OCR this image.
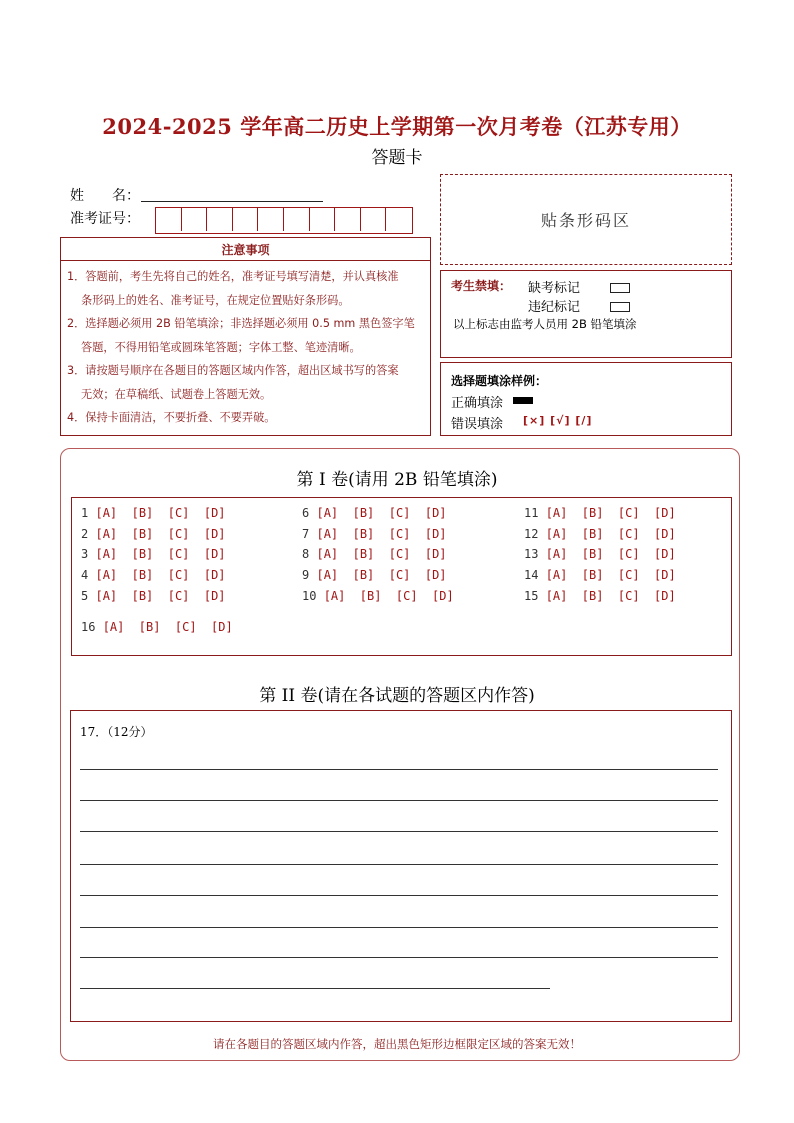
2024-2025 学年高二历史上学期第一次月考卷（江苏专用）
答题卡
姓　　名：
准考证号：	贴条形码区
注意事项
1．答题前，考生先将自己的姓名，准考证号填写清楚，并认真核准
条形码上的姓名、准考证号，在规定位置贴好条形码。
2．选择题必须用 2B 铅笔填涂；非选择题必须用 0.5 mm 黑色签字笔
答题，不得用铅笔或圆珠笔答题；字体工整、笔迹清晰。
3．请按题号顺序在各题目的答题区域内作答，超出区域书写的答案
无效；在草稿纸、试题卷上答题无效。
4．保持卡面清洁，不要折叠、不要弄破。
考生禁填： 缺考标记
违纪标记
以上标志由监考人员用 2B 铅笔填涂
选择题填涂样例：
正确填涂
错误填涂 [×] [√] [/]
第 I 卷(请用 2B 铅笔填涂)
第 II 卷(请在各试题的答题区内作答)
17．（12分）
请在各题目的答题区域内作答，超出黑色矩形边框限定区域的答案无效！
1 [A]  [B]  [C]  [D]
2 [A]  [B]  [C]  [D]
3 [A]  [B]  [C]  [D]
4 [A]  [B]  [C]  [D]
5 [A]  [B]  [C]  [D]
6 [A]  [B]  [C]  [D]
7 [A]  [B]  [C]  [D]
8 [A]  [B]  [C]  [D]
9 [A]  [B]  [C]  [D]
10 [A]  [B]  [C]  [D]
11 [A]  [B]  [C]  [D]
12 [A]  [B]  [C]  [D]
13 [A]  [B]  [C]  [D]
14 [A]  [B]  [C]  [D]
15 [A]  [B]  [C]  [D]
16 [A]  [B]  [C]  [D]
